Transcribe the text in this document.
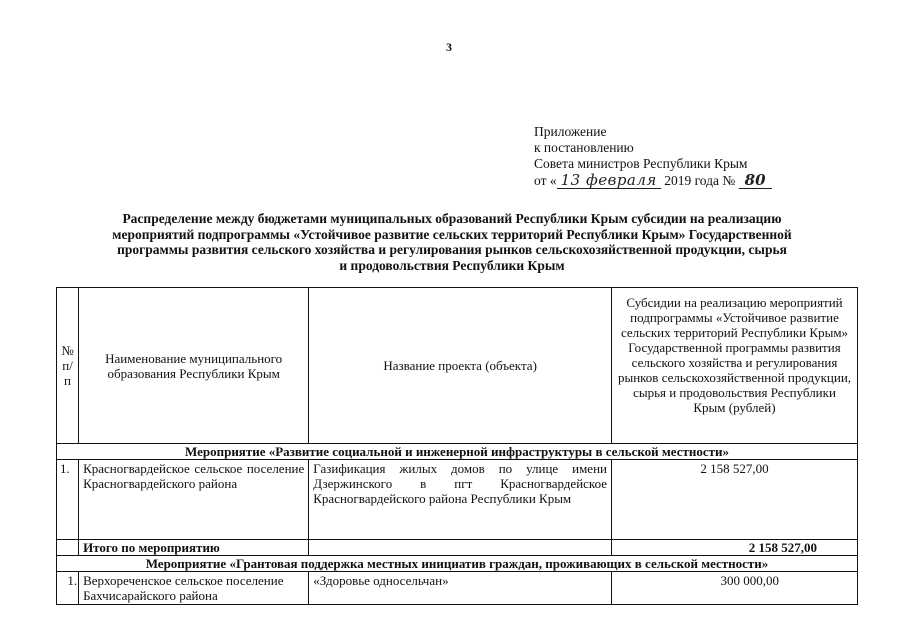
3
Приложение
к постановлению
Совета министров Республики Крым
от « 13 февраля 2019 года № 80
Распределение между бюджетами муниципальных образований Республики Крым субсидии на реализацию
мероприятий подпрограммы «Устойчивое развитие сельских территорий Республики Крым» Государственной
программы развития сельского хозяйства и регулирования рынков сельскохозяйственной продукции, сырья
и продовольствия Республики Крым
№ п/п	Наименование муниципального образования Республики Крым	Название проекта (объекта)	Субсидии на реализацию мероприятий подпрограммы «Устойчивое развитие сельских территорий Республики Крым» Государственной программы развития сельского хозяйства и регулирования рынков сельскохозяйственной продукции, сырья и продовольствия Республики Крым (рублей)
Мероприятие «Развитие социальной и инженерной инфраструктуры в сельской местности»			
1.	Красногвардейское сельское поселение Красногвардейского района	Газификация жилых домов по улице имени Дзержинского в пгт Красногвардейское Красногвардейского района Республики Крым	2 158 527,00
	Итого по мероприятию		2 158 527,00
Мероприятие «Грантовая поддержка местных инициатив граждан, проживающих в сельской местности»			
1.	Верхореченское сельское поселение Бахчисарайского района	«Здоровье односельчан»	300 000,00
